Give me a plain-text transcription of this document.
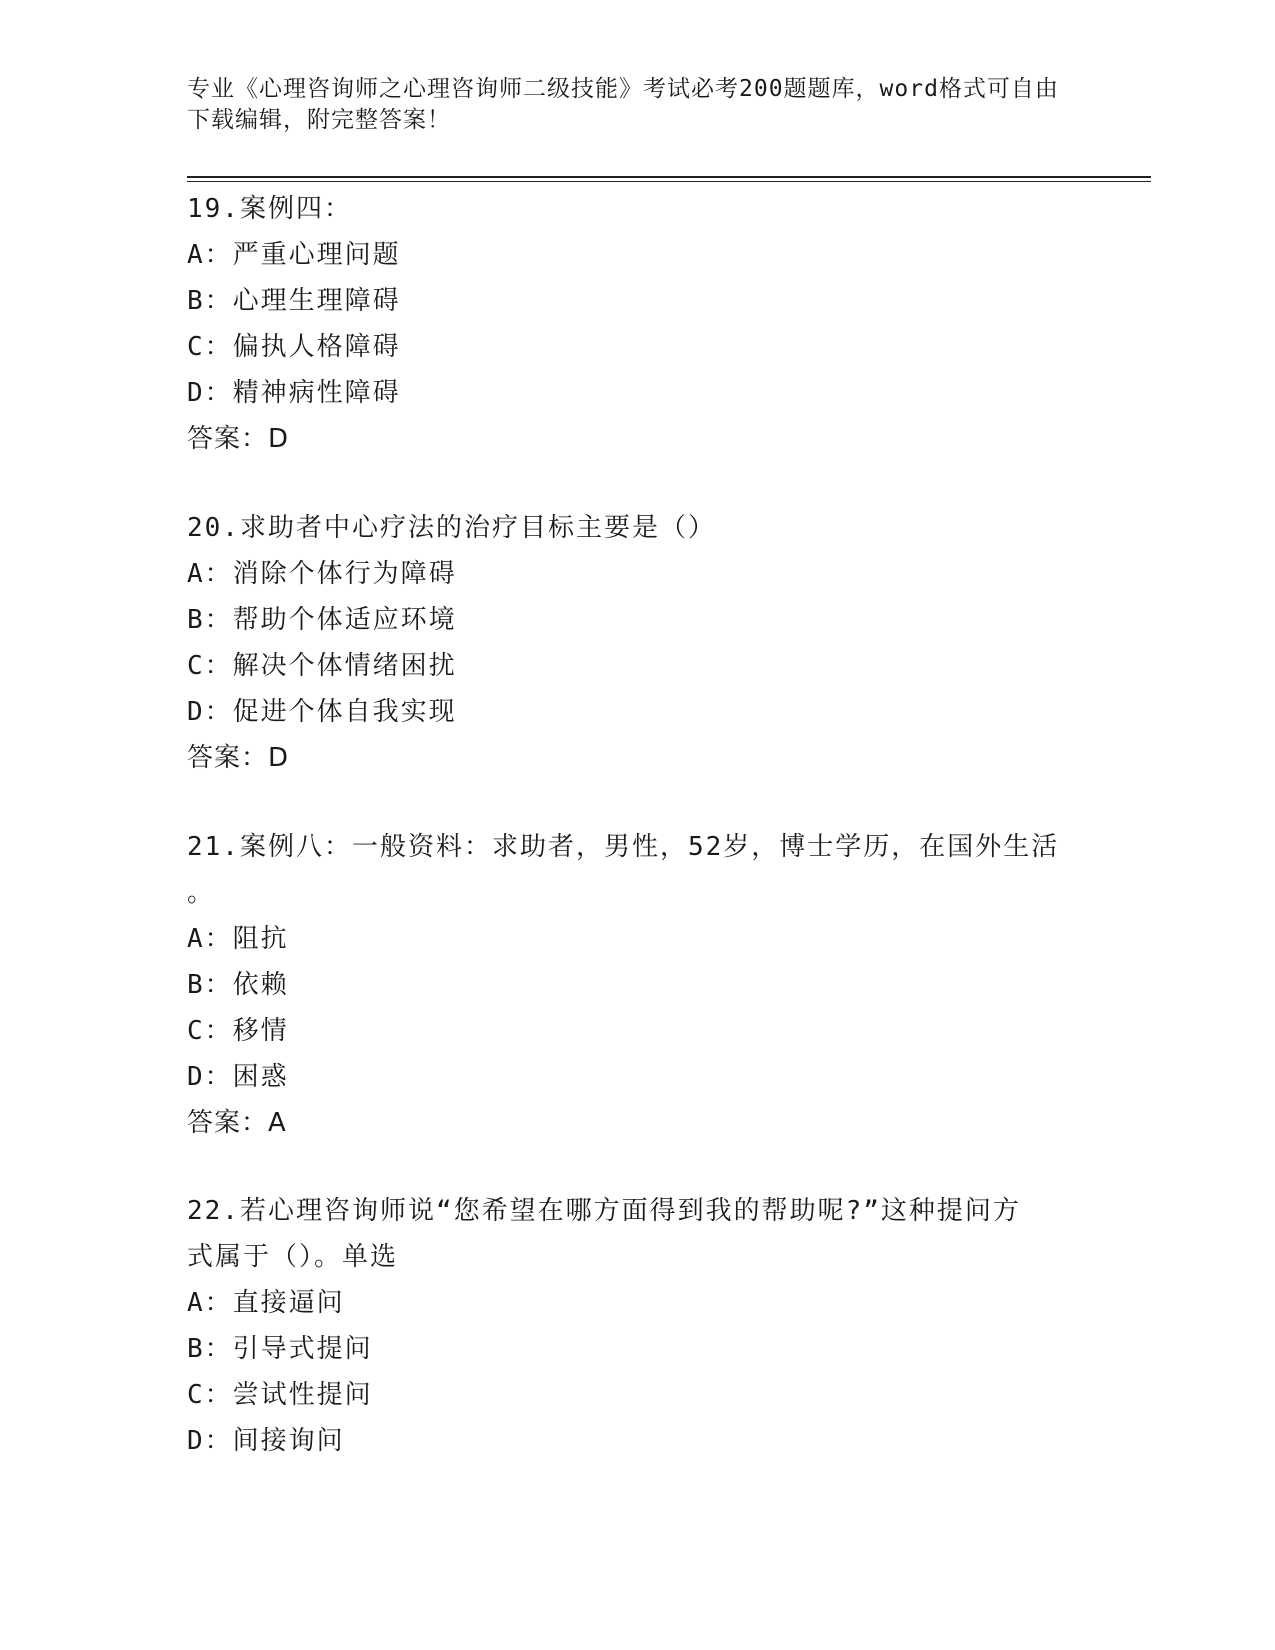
专业《心理咨询师之心理咨询师二级技能》考试必考200题题库，word格式可自由下载编辑，附完整答案！
19.案例四：
A：严重心理问题
B：心理生理障碍
C：偏执人格障碍
D：精神病性障碍
答案：D
20.求助者中心疗法的治疗目标主要是（）
A：消除个体行为障碍
B：帮助个体适应环境
C：解决个体情绪困扰
D：促进个体自我实现
答案：D
21.案例八：一般资料：求助者，男性，52岁，博士学历，在国外生活
。
A：阻抗
B：依赖
C：移情
D：困惑
答案：A
22.若心理咨询师说“您希望在哪方面得到我的帮助呢?”这种提问方
式属于（）。单选
A：直接逼问
B：引导式提问
C：尝试性提问
D：间接询问
